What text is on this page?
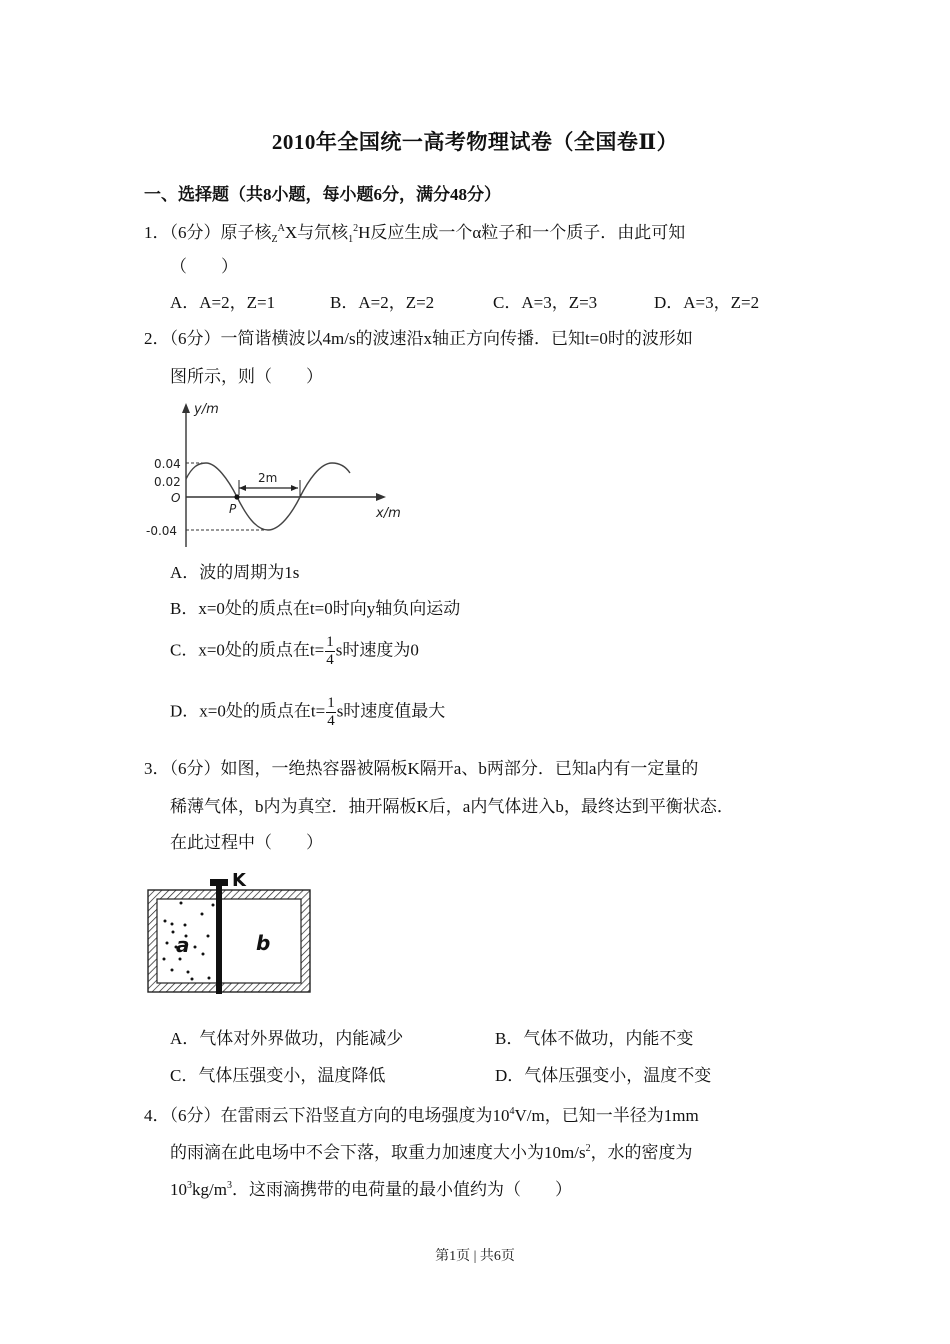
2010年全国统一高考物理试卷（全国卷Ⅱ）
一、选择题（共8小题，每小题6分，满分48分）
1．（6分）原子核$_Z^A$X与氘核$_1^2$H反应生成一个α粒子和一个质子．由此可知
（　　）
A．A=2，Z=1	B．A=2，Z=2	C．A=3，Z=3	D．A=3，Z=2
2．（6分）一简谐横波以4m/s的波速沿x轴正方向传播．已知t=0时的波形如
图所示，则（　　）
y/m
x/m
0.04
0.02
O
-0.04
P
2m
A．波的周期为1s
B．x=0处的质点在t=0时向y轴负向运动
C．x=0处的质点在$t= \frac{1}{4}$ s时速度为0
D．x=0处的质点在$t= \frac{1}{4}$ s时速度值最大
3．（6分）如图，一绝热容器被隔板K隔开a、b两部分．已知a内有一定量的
稀薄气体，b内为真空．抽开隔板K后，a内气体进入b，最终达到平衡状态．
在此过程中（　　）
K
a	b
A．气体对外界做功，内能减少	B．气体不做功，内能不变
C．气体压强变小，温度降低	D．气体压强变小，温度不变
4．（6分）在雷雨云下沿竖直方向的电场强度为$10^4V/m$，已知一半径为1mm
的雨滴在此电场中不会下落，取重力加速度大小为$10m/s^2$，水的密度为
$10^3kg/m^3$．这雨滴携带的电荷量的最小值约为（　　）
第1页 | 共6页
